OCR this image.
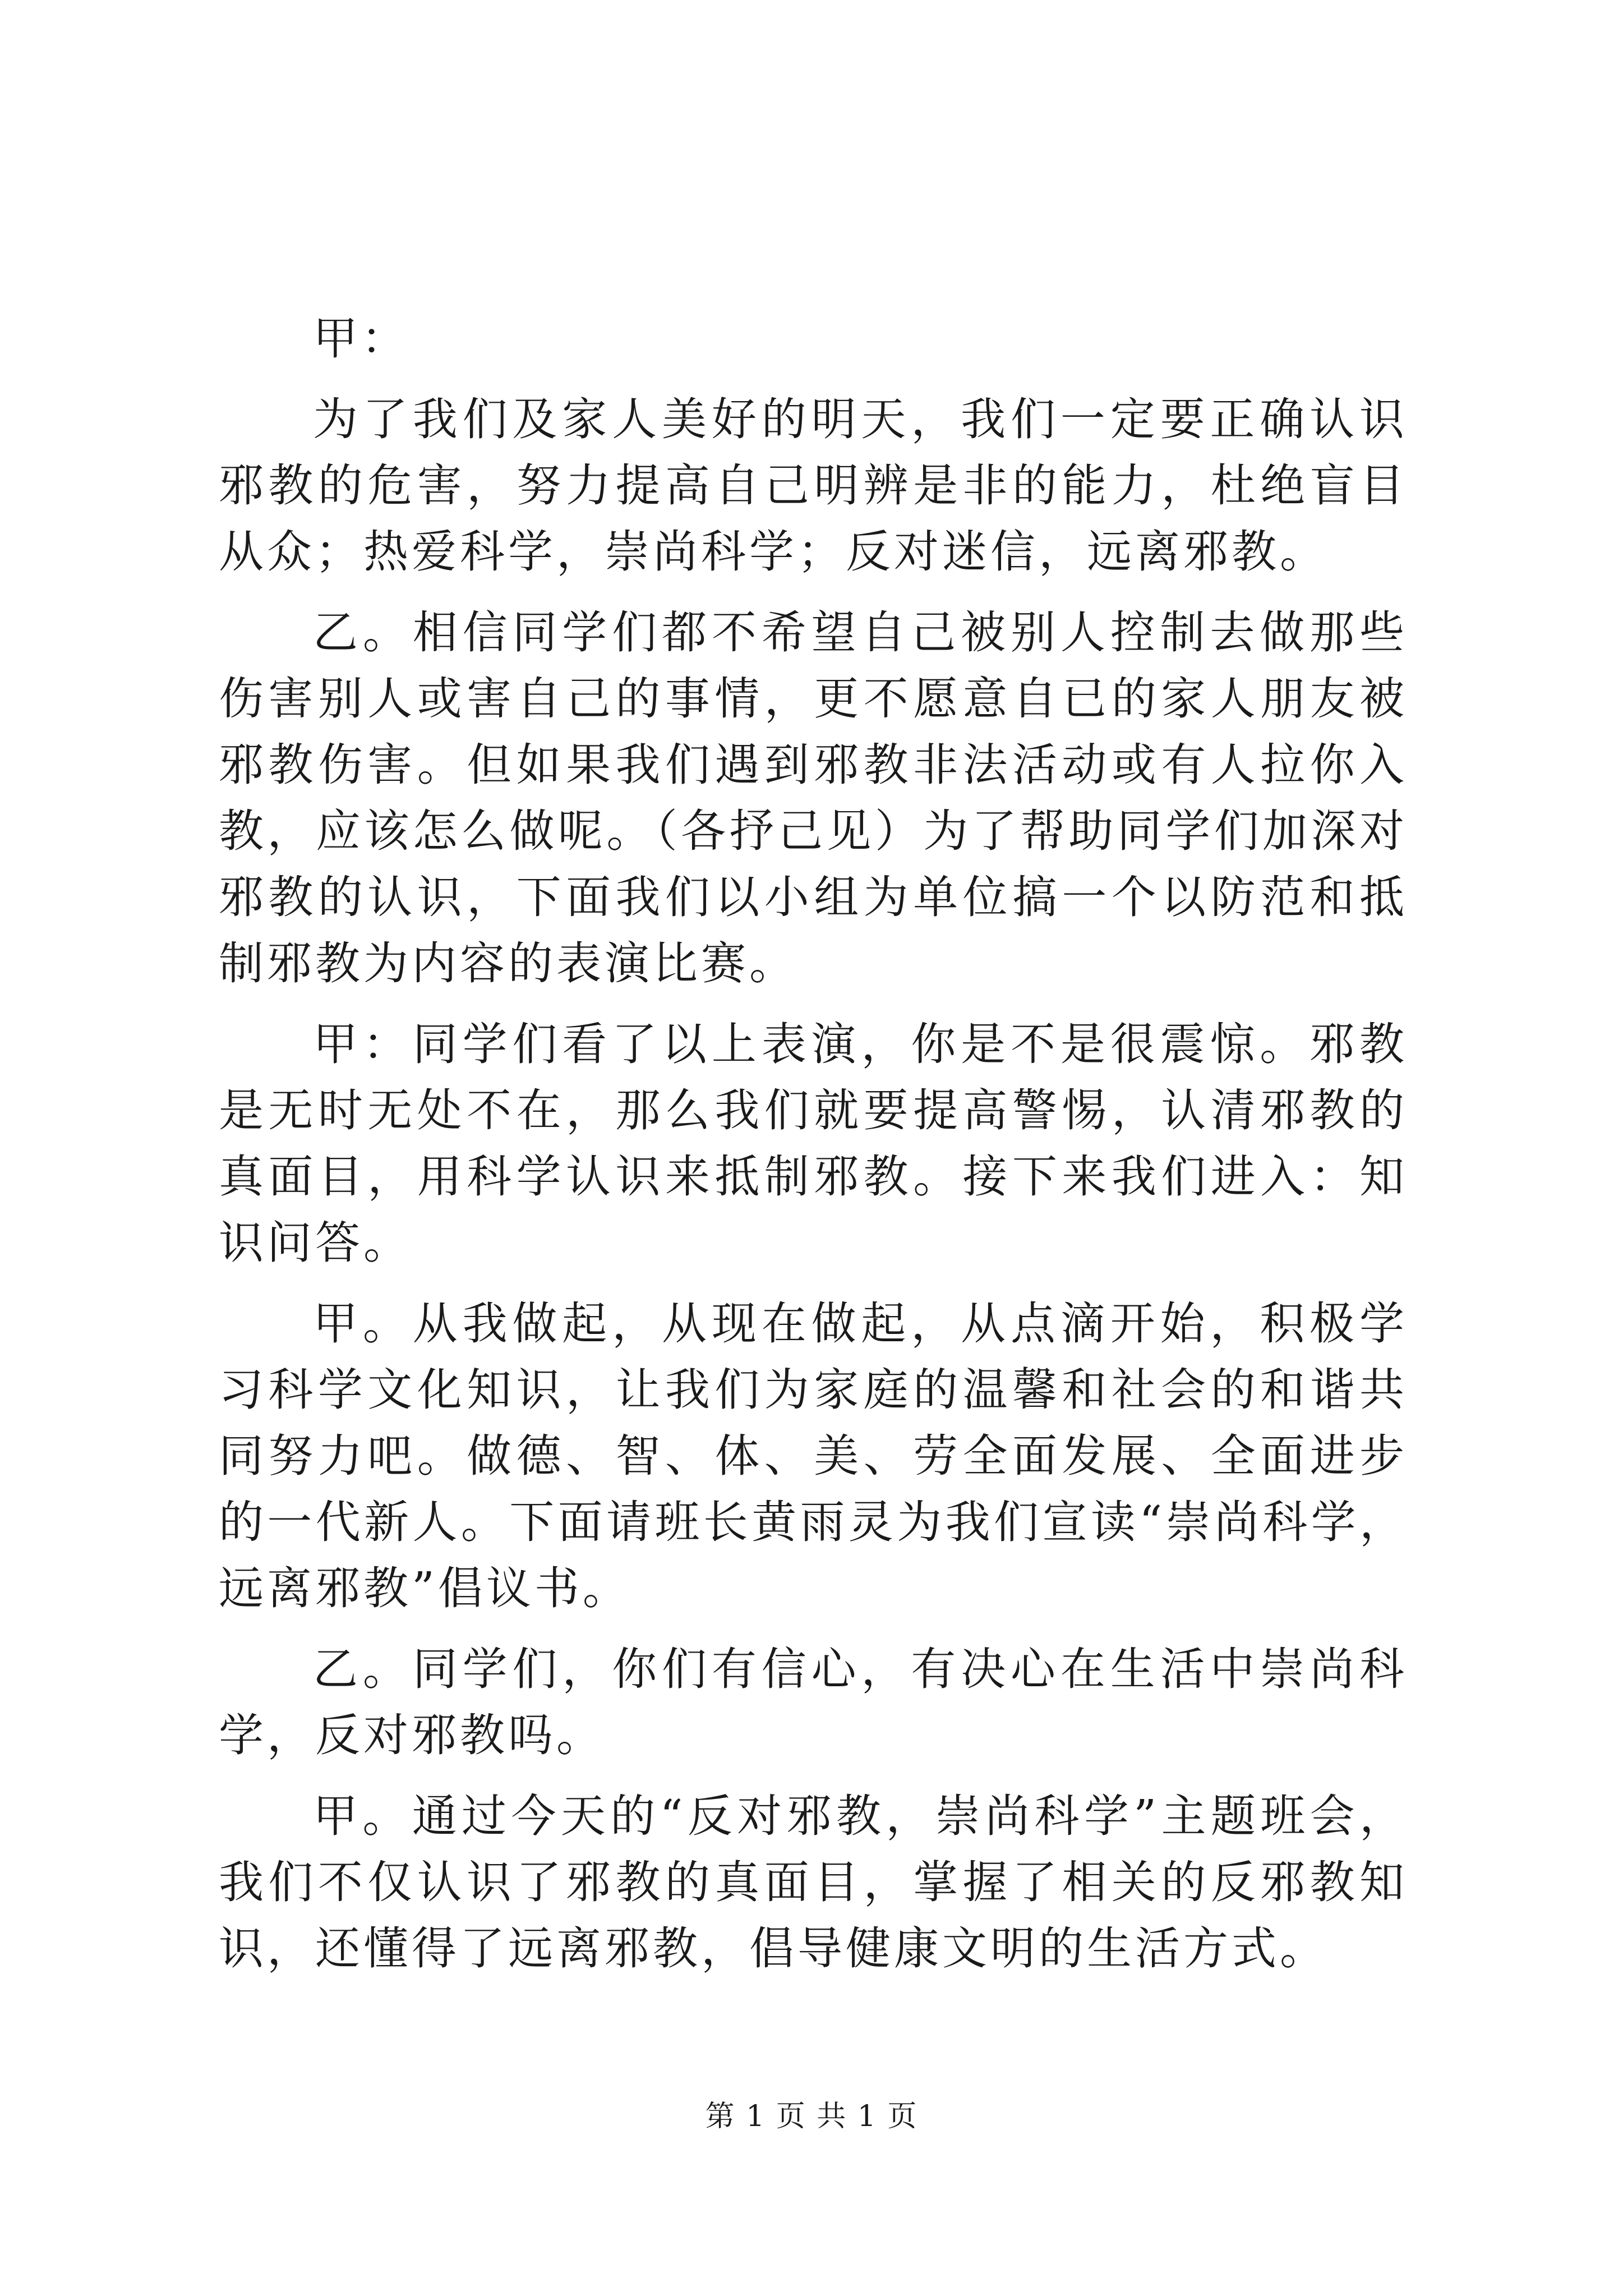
甲：

为了我们及家人美好的明天，我们一定要正确认识邪教的危害，努力提高自己明辨是非的能力，杜绝盲目从众；热爱科学，崇尚科学；反对迷信，远离邪教。

乙。相信同学们都不希望自己被别人控制去做那些伤害别人或害自己的事情，更不愿意自已的家人朋友被邪教伤害。但如果我们遇到邪教非法活动或有人拉你入教，应该怎么做呢。（各抒己见）为了帮助同学们加深对邪教的认识，下面我们以小组为单位搞一个以防范和抵制邪教为内容的表演比赛。

甲：同学们看了以上表演，你是不是很震惊。邪教是无时无处不在，那么我们就要提高警惕，认清邪教的真面目，用科学认识来抵制邪教。接下来我们进入：知识问答。

甲。从我做起，从现在做起，从点滴开始，积极学习科学文化知识，让我们为家庭的温馨和社会的和谐共同努力吧。做德、智、体、美、劳全面发展、全面进步的一代新人。下面请班长黄雨灵为我们宣读“崇尚科学，远离邪教”倡议书。

乙。同学们，你们有信心，有决心在生活中崇尚科学，反对邪教吗。

甲。通过今天的“反对邪教，崇尚科学”主题班会，我们不仅认识了邪教的真面目，掌握了相关的反邪教知识，还懂得了远离邪教，倡导健康文明的生活方式。

第 1 页 共 1 页
